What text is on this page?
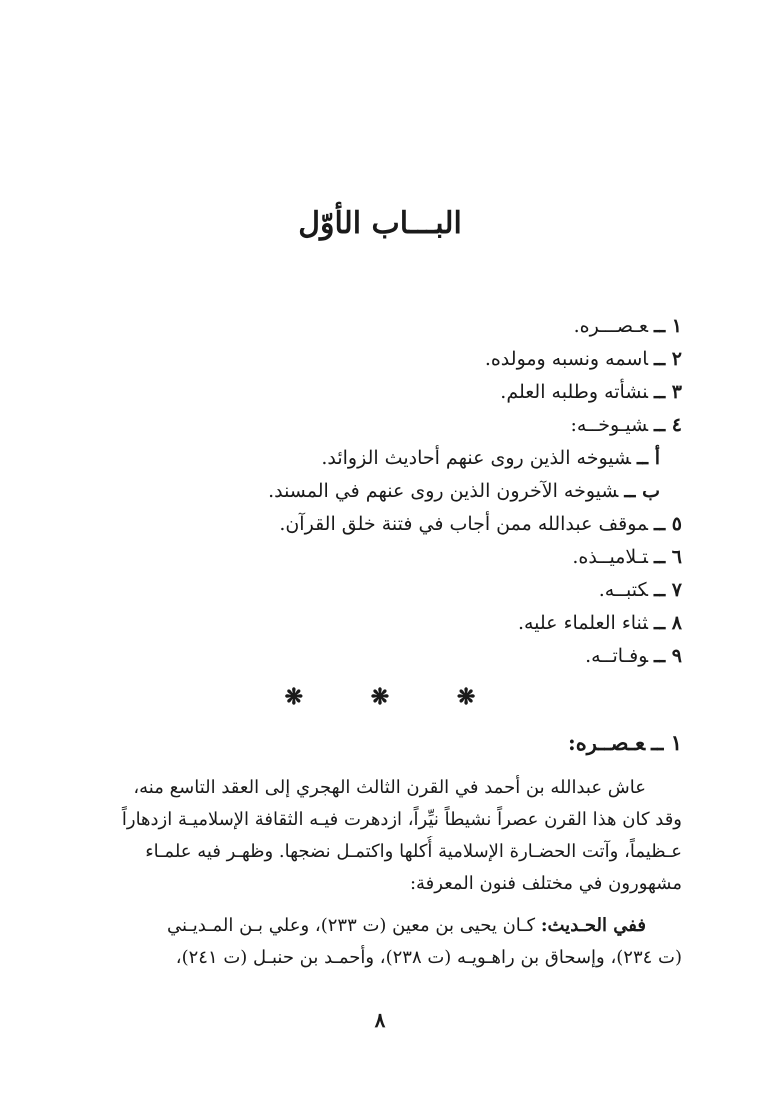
البـــاب الأوّل
١ ــعـصـــره.
٢ ــاسمه ونسبه ومولده.
٣ ــنشأته وطلبه العلم.
٤ ــشيـوخــه:
أ ــشيوخه الذين روى عنهم أحاديث الزوائد.
ب ــشيوخه الآخرون الذين روى عنهم في المسند.
٥ ــموقف عبدالله ممن أجاب في فتنة خلق القرآن.
٦ ــتـلاميــذه.
٧ ــكتبــه.
٨ ــثناء العلماء عليه.
٩ ــوفـاتــه.
❋ ❋ ❋
١ ــعـصــره:
عاش عبدالله بن أحمد في القرن الثالث الهجري إلى العقد التاسع منه،
وقد كان هذا القرن عصراً نشيطاً نيِّراً، ازدهرت فيـه الثقافة الإسلاميـة ازدهاراً
عـظيماً، وآتت الحضـارة الإسلامية أُكلها واكتمـل نضجها. وظهـر فيه علمـاء
مشهورون في مختلف فنون المعرفة:
ففي الحـديث: كـان يحيى بن معين (ت ٢٣٣)، وعلي بـن المـديـني
(ت ٢٣٤)، وإسحاق بن راهـويـه (ت ٢٣٨)، وأحمـد بن حنبـل (ت ٢٤١)،
٨
